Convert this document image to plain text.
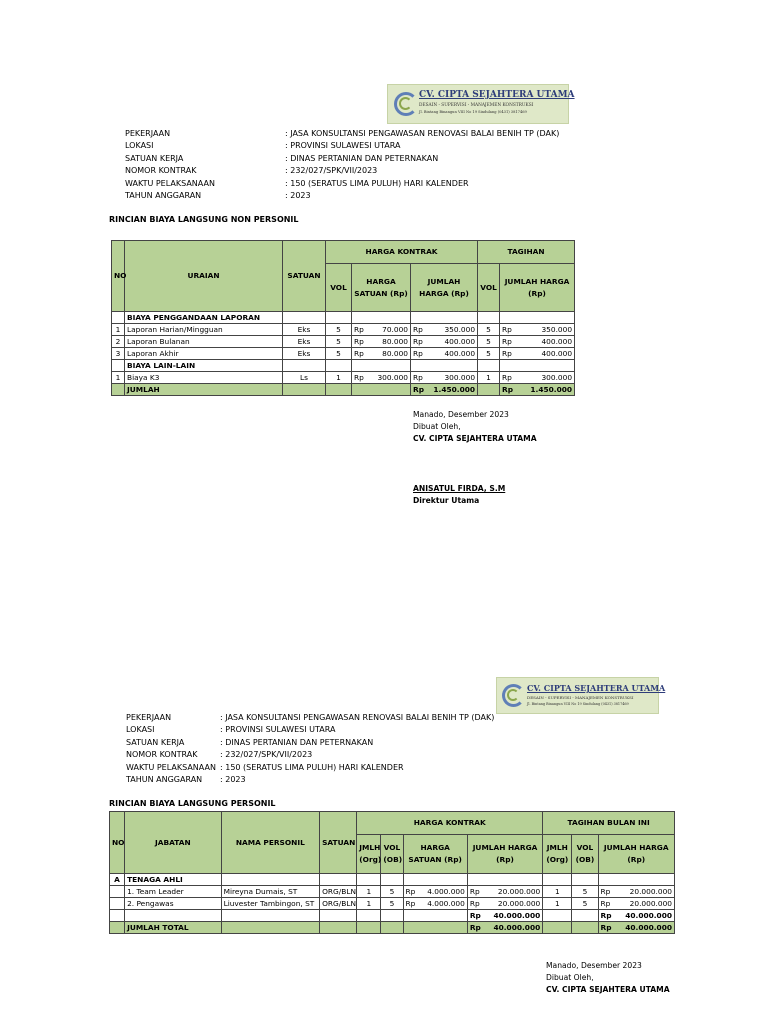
CV. CIPTA SEJAHTERA UTAMA
DESAIN - SUPERVISI - MANAJEMEN KONSTRUKSI
Jl. Bintang Binangun VIII No 19 Sindulang (0431) 3817469
PEKERJAAN	: JASA KONSULTANSI PENGAWASAN RENOVASI BALAI BENIH TP (DAK)
LOKASI	: PROVINSI SULAWESI UTARA
SATUAN KERJA	: DINAS PERTANIAN DAN PETERNAKAN
NOMOR KONTRAK	: 232/027/SPK/VII/2023
WAKTU PELAKSANAAN	: 150 (SERATUS LIMA PULUH) HARI KALENDER
TAHUN ANGGARAN	: 2023
RINCIAN BIAYA LANGSUNG NON PERSONIL
NO	URAIAN	SATUAN	HARGA KONTRAK			TAGIHAN	
			VOL	HARGA SATUAN (Rp)	JUMLAH HARGA (Rp)	VOL	JUMLAH HARGA (Rp)
	BIAYA PENGGANDAAN LAPORAN						
1	Laporan Harian/Mingguan	Eks	5	Rp 70.000	Rp 350.000	5	Rp 350.000

2	Laporan Bulanan	Eks	5	Rp 80.000	Rp 400.000	5	Rp 400.000

3	Laporan Akhir	Eks	5	Rp 80.000	Rp 400.000	5	Rp 400.000

	BIAYA LAIN-LAIN						
1	Biaya K3	Ls	1	Rp 300.000	Rp 300.000	1	Rp 300.000

	JUMLAH				Rp 1.450.000		Rp 1.450.000
Manado, Desember 2023
Dibuat Oleh,
CV. CIPTA SEJAHTERA UTAMA
ANISATUL FIRDA, S.M
Direktur Utama
CV. CIPTA SEJAHTERA UTAMA
DESAIN - SUPERVISI - MANAJEMEN KONSTRUKSI
Jl. Bintang Binangun VIII No 19 Sindulang (0431) 3817469
PEKERJAAN	: JASA KONSULTANSI PENGAWASAN RENOVASI BALAI BENIH TP (DAK)
LOKASI	: PROVINSI SULAWESI UTARA
SATUAN KERJA	: DINAS PERTANIAN DAN PETERNAKAN
NOMOR KONTRAK	: 232/027/SPK/VII/2023
WAKTU PELAKSANAAN : 150 (SERATUS LIMA PULUH) HARI KALENDER
TAHUN ANGGARAN	: 2023
RINCIAN BIAYA LANGSUNG PERSONIL
NO	JABATAN	NAMA PERSONIL	SATUAN	HARGA KONTRAK				TAGIHAN BULAN INI		
				JMLH (Org)	VOL (OB)	HARGA SATUAN (Rp)	JUMLAH HARGA (Rp)	JMLH (Org)	VOL (OB)	JUMLAH HARGA (Rp)
A	TENAGA AHLI									
	1. Team Leader	Mireyna Dumais, ST	ORG/BLN	1	5	Rp 4.000.000	Rp 20.000.000	1	5	Rp 20.000.000

	2. Pengawas	Liuvester Tambingon, ST	ORG/BLN	1	5	Rp 4.000.000	Rp 20.000.000	1	5	Rp 20.000.000

							Rp 40.000.000			Rp 40.000.000

	JUMLAH TOTAL						Rp 40.000.000			Rp 40.000.000
Manado, Desember 2023
Dibuat Oleh,
CV. CIPTA SEJAHTERA UTAMA
